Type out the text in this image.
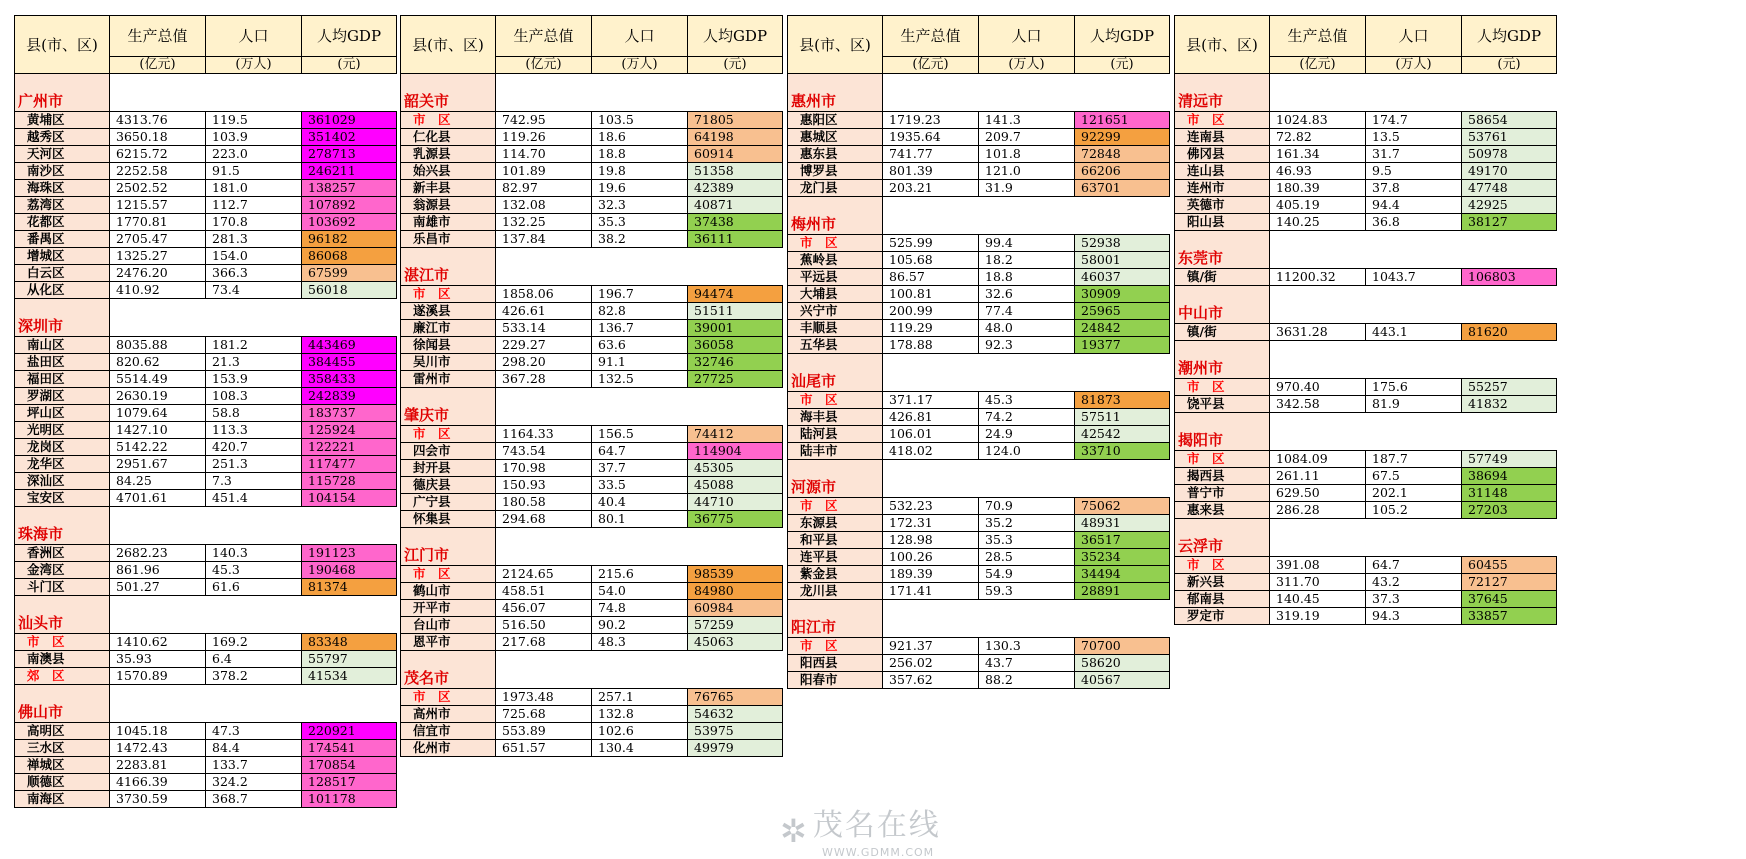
县(市、区)	生产总值	人口	人均GDP
	(亿元)	(万人)	(元)
广州市			
黄埔区	4313.76	119.5	361029
越秀区	3650.18	103.9	351402
天河区	6215.72	223.0	278713
南沙区	2252.58	91.5	246211
海珠区	2502.52	181.0	138257
荔湾区	1215.57	112.7	107892
花都区	1770.81	170.8	103692
番禺区	2705.47	281.3	96182
增城区	1325.27	154.0	86068
白云区	2476.20	366.3	67599
从化区	410.92	73.4	56018
深圳市			
南山区	8035.88	181.2	443469
盐田区	820.62	21.3	384455
福田区	5514.49	153.9	358433
罗湖区	2630.19	108.3	242839
坪山区	1079.64	58.8	183737
光明区	1427.10	113.3	125924
龙岗区	5142.22	420.7	122221
龙华区	2951.67	251.3	117477
深汕区	84.25	7.3	115728
宝安区	4701.61	451.4	104154
珠海市			
香洲区	2682.23	140.3	191123
金湾区	861.96	45.3	190468
斗门区	501.27	61.6	81374
汕头市			
市　区	1410.62	169.2	83348
南澳县	35.93	6.4	55797
郊　区	1570.89	378.2	41534
佛山市			
高明区	1045.18	47.3	220921
三水区	1472.43	84.4	174541
禅城区	2283.81	133.7	170854
顺德区	4166.39	324.2	128517
南海区	3730.59	368.7	101178
县(市、区)	生产总值	人口	人均GDP
	(亿元)	(万人)	(元)
韶关市			
市　区	742.95	103.5	71805
仁化县	119.26	18.6	64198
乳源县	114.70	18.8	60914
始兴县	101.89	19.8	51358
新丰县	82.97	19.6	42389
翁源县	132.08	32.3	40871
南雄市	132.25	35.3	37438
乐昌市	137.84	38.2	36111
湛江市			
市　区	1858.06	196.7	94474
遂溪县	426.61	82.8	51511
廉江市	533.14	136.7	39001
徐闻县	229.27	63.6	36058
吴川市	298.20	91.1	32746
雷州市	367.28	132.5	27725
肇庆市			
市　区	1164.33	156.5	74412
四会市	743.54	64.7	114904
封开县	170.98	37.7	45305
德庆县	150.93	33.5	45088
广宁县	180.58	40.4	44710
怀集县	294.68	80.1	36775
江门市			
市　区	2124.65	215.6	98539
鹤山市	458.51	54.0	84980
开平市	456.07	74.8	60984
台山市	516.50	90.2	57259
恩平市	217.68	48.3	45063
茂名市			
市　区	1973.48	257.1	76765
高州市	725.68	132.8	54632
信宜市	553.89	102.6	53975
化州市	651.57	130.4	49979
县(市、区)	生产总值	人口	人均GDP
	(亿元)	(万人)	(元)
惠州市			
惠阳区	1719.23	141.3	121651
惠城区	1935.64	209.7	92299
惠东县	741.77	101.8	72848
博罗县	801.39	121.0	66206
龙门县	203.21	31.9	63701
梅州市			
市　区	525.99	99.4	52938
蕉岭县	105.68	18.2	58001
平远县	86.57	18.8	46037
大埔县	100.81	32.6	30909
兴宁市	200.99	77.4	25965
丰顺县	119.29	48.0	24842
五华县	178.88	92.3	19377
汕尾市			
市　区	371.17	45.3	81873
海丰县	426.81	74.2	57511
陆河县	106.01	24.9	42542
陆丰市	418.02	124.0	33710
河源市			
市　区	532.23	70.9	75062
东源县	172.31	35.2	48931
和平县	128.98	35.3	36517
连平县	100.26	28.5	35234
紫金县	189.39	54.9	34494
龙川县	171.41	59.3	28891
阳江市			
市　区	921.37	130.3	70700
阳西县	256.02	43.7	58620
阳春市	357.62	88.2	40567
县(市、区)	生产总值	人口	人均GDP
	(亿元)	(万人)	(元)
清远市			
市　区	1024.83	174.7	58654
连南县	72.82	13.5	53761
佛冈县	161.34	31.7	50978
连山县	46.93	9.5	49170
连州市	180.39	37.8	47748
英德市	405.19	94.4	42925
阳山县	140.25	36.8	38127
东莞市			
镇/街	11200.32	1043.7	106803
中山市			
镇/街	3631.28	443.1	81620
潮州市			
市　区	970.40	175.6	55257
饶平县	342.58	81.9	41832
揭阳市			
市　区	1084.09	187.7	57749
揭西县	261.11	67.5	38694
普宁市	629.50	202.1	31148
惠来县	286.28	105.2	27203
云浮市			
市　区	391.08	64.7	60455
新兴县	311.70	43.2	72127
郁南县	140.45	37.3	37645
罗定市	319.19	94.3	33857
✲ 茂名在线
WWW.GDMM.COM
